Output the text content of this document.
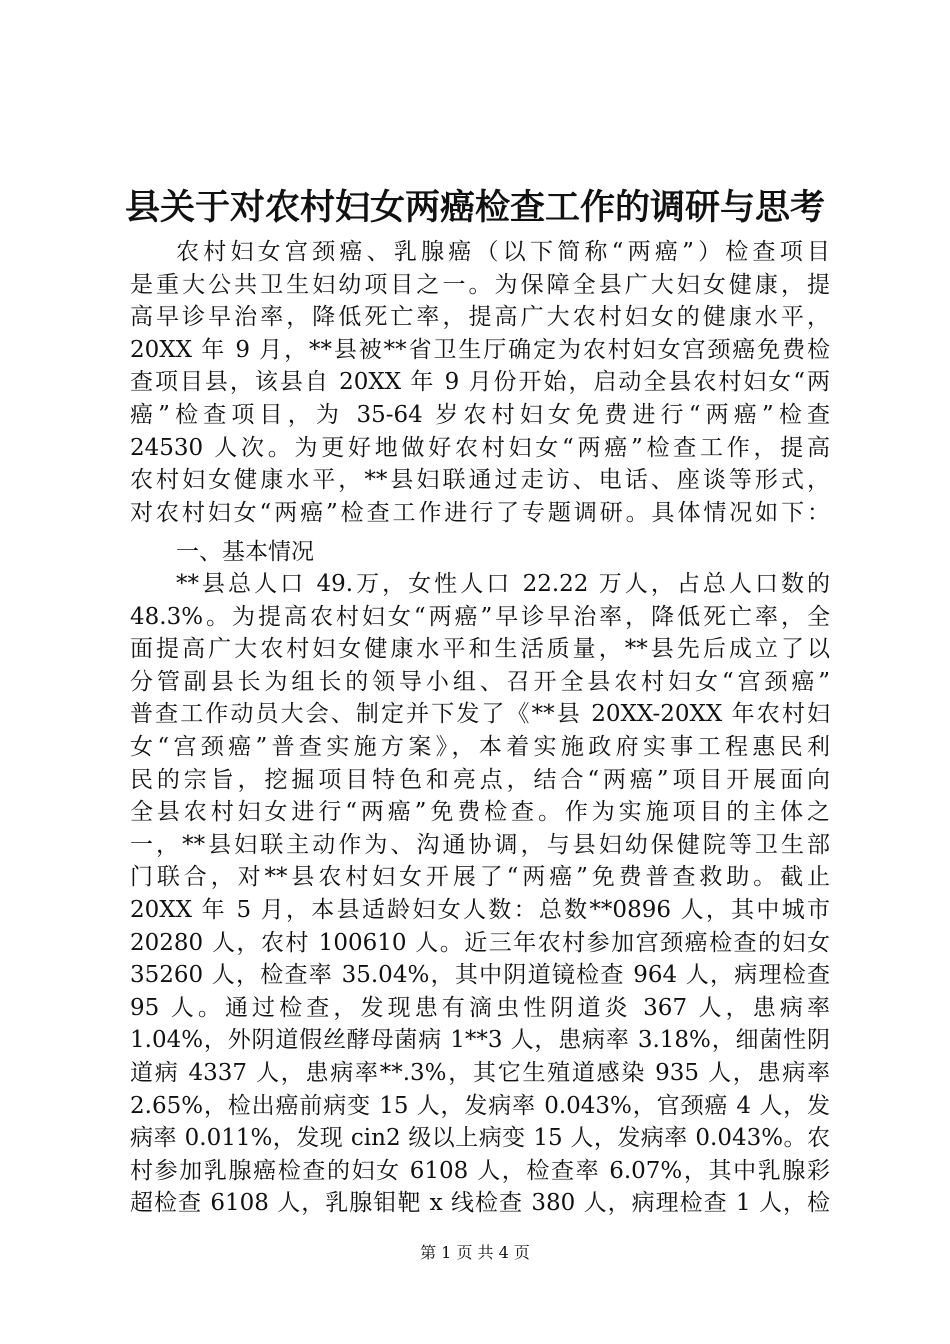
县关于对农村妇女两癌检查工作的调研与思考
农村妇女宫颈癌、乳腺癌（以下简称“两癌”）检查项目
是重大公共卫生妇幼项目之一。为保障全县广大妇女健康，提
高早诊早治率，降低死亡率，提高广大农村妇女的健康水平，
20XX 年 9 月，**县被**省卫生厅确定为农村妇女宫颈癌免费检
查项目县，该县自 20XX 年 9 月份开始，启动全县农村妇女“两
癌”检查项目，为 35-64 岁农村妇女免费进行“两癌”检查
24530 人次。为更好地做好农村妇女“两癌”检查工作，提高
农村妇女健康水平，**县妇联通过走访、电话、座谈等形式，
对农村妇女“两癌”检查工作进行了专题调研。具体情况如下：
一、基本情况
**县总人口 49.万，女性人口 22.22 万人，占总人口数的
48.3%。为提高农村妇女“两癌”早诊早治率，降低死亡率，全
面提高广大农村妇女健康水平和生活质量，**县先后成立了以
分管副县长为组长的领导小组、召开全县农村妇女“宫颈癌”
普查工作动员大会、制定并下发了《**县 20XX-20XX 年农村妇
女“宫颈癌”普查实施方案》，本着实施政府实事工程惠民利
民的宗旨，挖掘项目特色和亮点，结合“两癌”项目开展面向
全县农村妇女进行“两癌”免费检查。作为实施项目的主体之
一，**县妇联主动作为、沟通协调，与县妇幼保健院等卫生部
门联合，对**县农村妇女开展了“两癌”免费普查救助。截止
20XX 年 5 月，本县适龄妇女人数：总数**0896 人，其中城市
20280 人，农村 100610 人。近三年农村参加宫颈癌检查的妇女
35260 人，检查率 35.04%，其中阴道镜检查 964 人，病理检查
95 人。通过检查，发现患有滴虫性阴道炎 367 人，患病率
1.04%，外阴道假丝酵母菌病 1**3 人，患病率 3.18%，细菌性阴
道病 4337 人，患病率**.3%，其它生殖道感染 935 人，患病率
2.65%，检出癌前病变 15 人，发病率 0.043%，官颈癌 4 人，发
病率 0.011%，发现 cin2 级以上病变 15 人，发病率 0.043%。农
村参加乳腺癌检查的妇女 6108 人，检查率 6.07%，其中乳腺彩
超检查 6108 人，乳腺钼靶 x 线检查 380 人，病理检查 1 人，检
第 1 页 共 4 页
